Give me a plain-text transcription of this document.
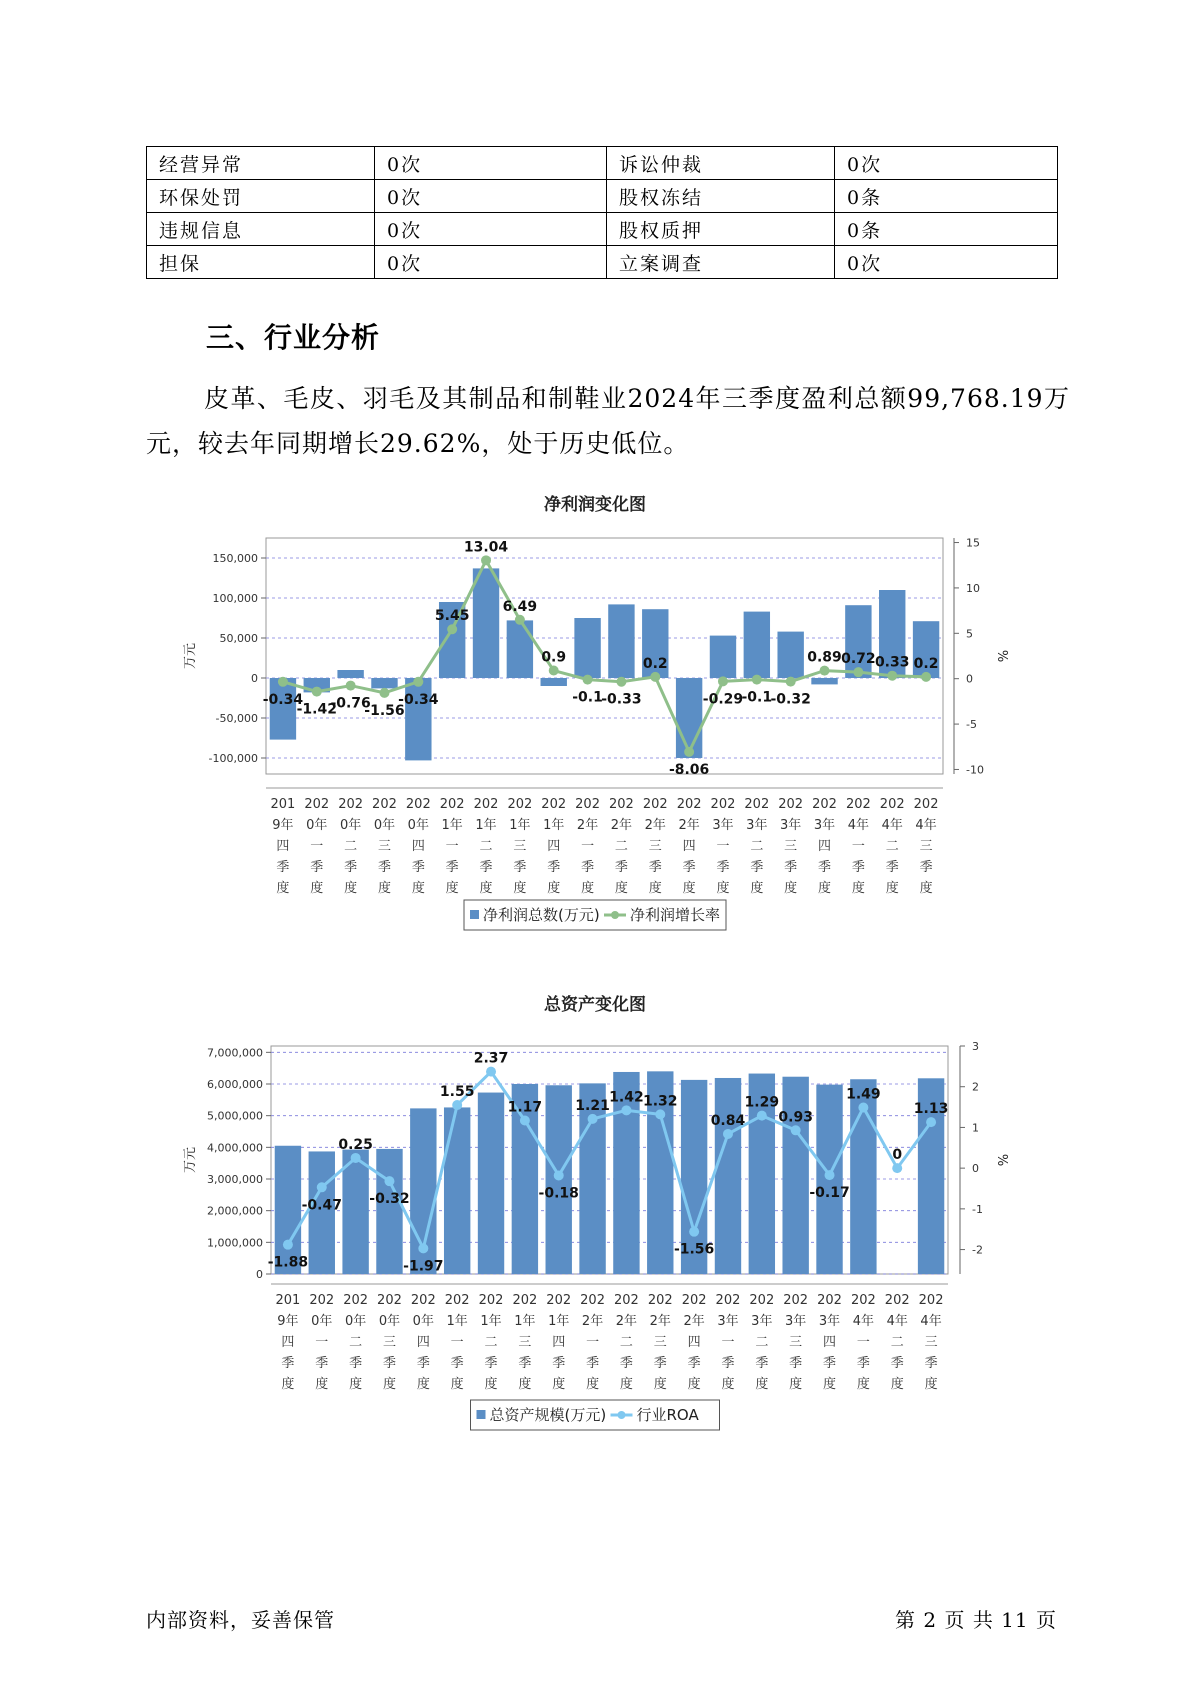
经营异常	0次	诉讼仲裁	0次
环保处罚	0次	股权冻结	0条
违规信息	0次	股权质押	0条
担保	0次	立案调查	0次
三、行业分析
皮革、毛皮、羽毛及其制品和制鞋业2024年三季度盈利总额99,768.19万元，较去年同期增长29.62%，处于历史低位。
净利润变化图
150,000
100,000
50,000
0
-50,000
-100,000
15
10
5
0
-5
-10
万元	%
-0.34
-1.42
-0.76
-1.56
-0.34
5.45
13.04
6.49
0.9
-0.1
-0.33
0.2
-8.06
-0.29
-0.1
-0.32
0.89 0.72 0.33 0.2
201
9年
四
季
度
202
0年
一
季
度
202
0年
二
季
度
202
0年
三
季
度
202
0年
四
季
度
202
1年
一
季
度
202
1年
二
季
度
202
1年
三
季
度
202
1年
四
季
度
202
2年
一
季
度
202
2年
二
季
度
202
2年
三
季
度
202
2年
四
季
度
202
3年
一
季
度
202
3年
二
季
度
202
3年
三
季
度
202
3年
四
季
度
202
4年
一
季
度
202
4年
二
季
度
202
4年
三
季
度
净利润总数(万元) 净利润增长率
总资产变化图
7,000,000
6,000,000
5,000,000
4,000,000
3,000,000
2,000,000
1,000,000
0
3
2
1
0
-1
-2
万元	%
-1.88
-0.47
0.25
-0.32
-1.97
1.55
2.37
1.17
-0.18
1.21
1.42 1.32
-1.56
0.84
1.29
0.93
-0.17
1.49
0
1.13
201
9年
四
季
度
202
0年
一
季
度
202
0年
二
季
度
202
0年
三
季
度
202
0年
四
季
度
202
1年
一
季
度
202
1年
二
季
度
202
1年
三
季
度
202
1年
四
季
度
202
2年
一
季
度
202
2年
二
季
度
202
2年
三
季
度
202
2年
四
季
度
202
3年
一
季
度
202
3年
二
季
度
202
3年
三
季
度
202
3年
四
季
度
202
4年
一
季
度
202
4年
二
季
度
202
4年
三
季
度
总资产规模(万元) 行业ROA
内部资料，妥善保管	第 2 页 共 11 页
